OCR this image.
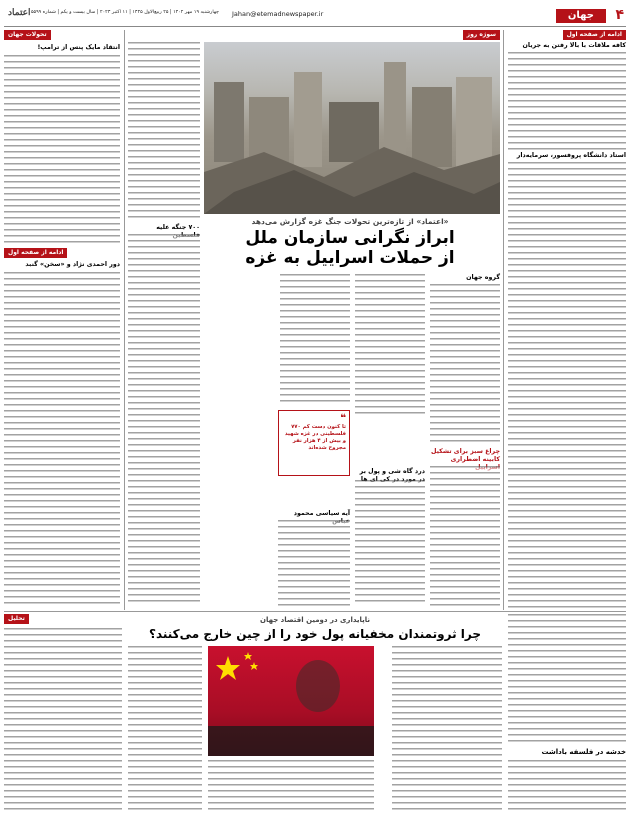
۴
جهان
Jahan@etemadnewspaper.ir
چهارشنبه ۱۹ مهر ۱۴۰۲ | ۲۵ ربیع‌الاول ۱۴۴۵ | ۱۱ اکتبر ۲۰۲۳ | سال بیست و یکم | شماره ۵۵۹۹
اعتماد
ادامه از صفحه اول
کافه ملاقات با بالا رفتن به جریان
استاد دانشگاه پروفسور، سرمایه‌دار
سوژه روز
۷۰۰ جنگه علیه
«اعتماد» از تازه‌ترین تحولات جنگ غزه گزارش می‌دهد
ابراز نگرانی سازمان ملل
از حملات اسراییل به غزه
گروه جهان
❝
تا کنون دست کم ۷۷۰ فلسطینی در غزه شهید و بیش از ۴ هزار نفر مجروح شده‌اند	چراغ سبز برای تشکیل کابینه اضطراری
درد گاه شی و پول بر
آیه سیاسی محمود
تحولات جهان
انتقاد مایک پنس از ترامپ!
ادامه از صفحه اول
دور احمدی نژاد و «سخن» گنبد
تحلیل	ناپایداری در دومین اقتصاد جهان
چرا ثروتمندان مخفیانه پول خود را از چین خارج می‌کنند؟
خدشه در فلسفه باداشت
